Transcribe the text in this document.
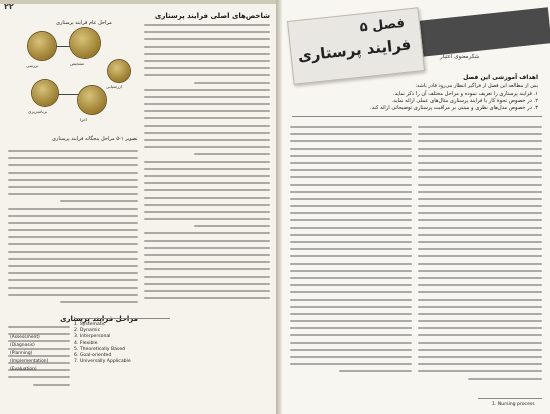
۲۲
مراحل عام فرایند پرستاری
بررسی	تشخیص
برنامه‌ریزی
اجرا
ارزشیابی
تصویر ۱-۵ مراحل پنجگانه فرایند پرستاری
شاخص‌های اصلی فرایند پرستاری
مراحل فرایند پرستاری
(Assessment)
(Diagnosis)
(Planning)
(Implementation)
(Evaluation)
1. Systematic
2. Dynamic
3. Interpersonal
4. Flexible
5. Theoretically Based
6. Goal-oriented
7. Universally Applicable
فصل ۵
فرایند پرستاری	شکرمعنوی اعتبار
اهداف آموزشی این فصل
پس از مطالعه این فصل از فراگیر انتظار می‌رود قادر باشد:
۱. فرایند پرستاری را تعریف نموده و مراحل مختلف آن را ذکر نماید.
۲. در خصوص نحوهٔ کار با فرایند پرستاری مثال‌های عملی ارائه نماید.
۳. در خصوص مدل‌های نظری و مبتنی بر مراقبت پرستاری توضیحاتی ارائه کند.
1. Nursing process
